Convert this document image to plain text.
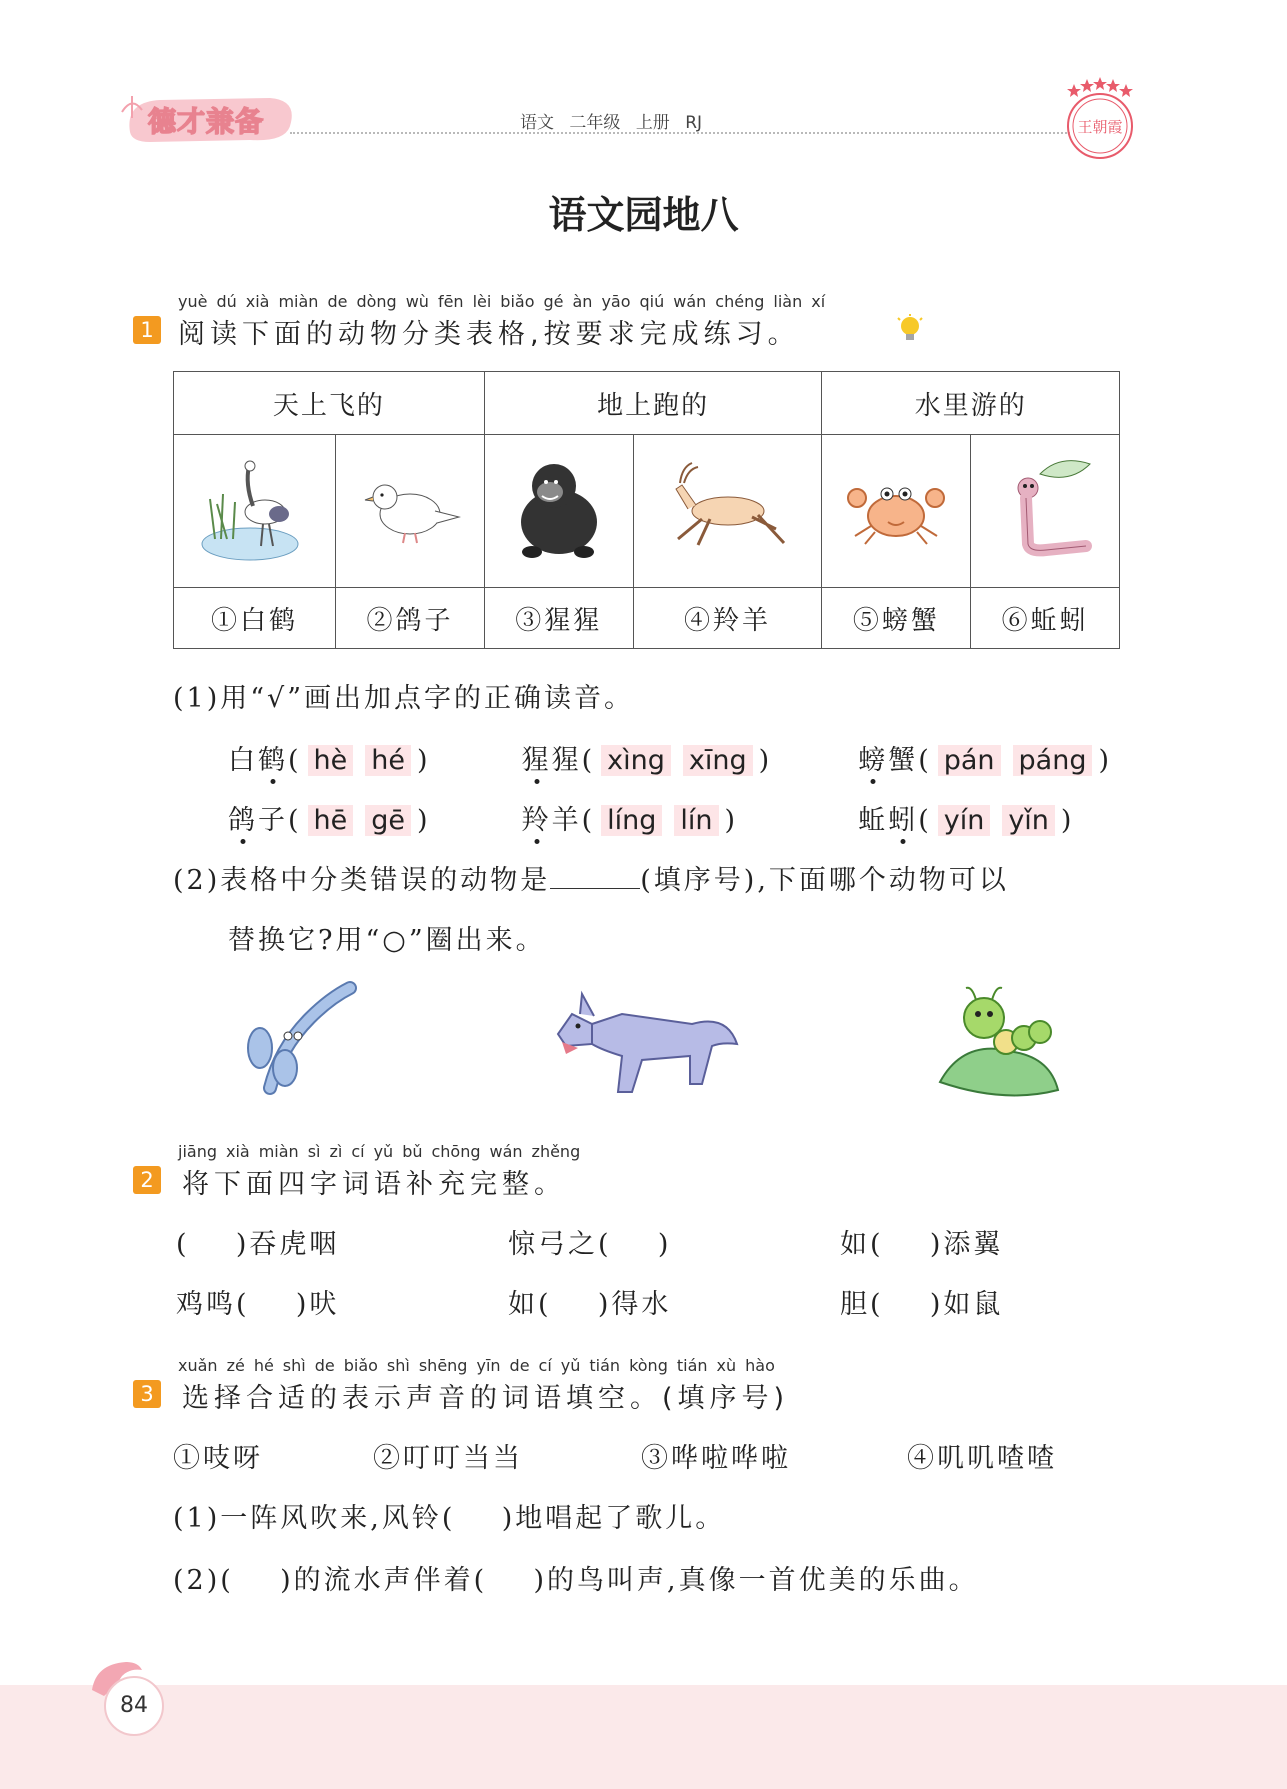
德才兼备	语文 二年级 上册 RJ	王朝霞
语文园地八
yuè dú xià miàn de dòng wù fēn lèi biǎo gé àn yāo qiú wán chéng liàn xí
1 阅读下面的动物分类表格,按要求完成练习。
天上飞的		地上跑的		水里游的	

①白鹤	②鸽子	③猩猩	④羚羊	⑤螃蟹	⑥蚯蚓
(1)用“√”画出加点字的正确读音。
白鹤( hè hé )	猩猩( xìng xīng )	螃蟹( pán páng )
鸽子( hē gē )	羚羊( líng lín )	蚯蚓( yín yǐn )
(2)表格中分类错误的动物是	(填序号),下面哪个动物可以
替换它?用“○”圈出来。
jiāng xià miàn sì zì cí yǔ bǔ chōng wán zhěng
2 将下面四字词语补充完整。
(    )吞虎咽	惊弓之(    )	如(    )添翼
鸡鸣(    )吠	如(    )得水	胆(    )如鼠
xuǎn zé hé shì de biǎo shì shēng yīn de cí yǔ tián kòng tián xù hào
3 选择合适的表示声音的词语填空。(填序号)
①吱呀	②叮叮当当	③哗啦哗啦	④叽叽喳喳
(1)一阵风吹来,风铃(    )地唱起了歌儿。
(2)(    )的流水声伴着(    )的鸟叫声,真像一首优美的乐曲。
84
